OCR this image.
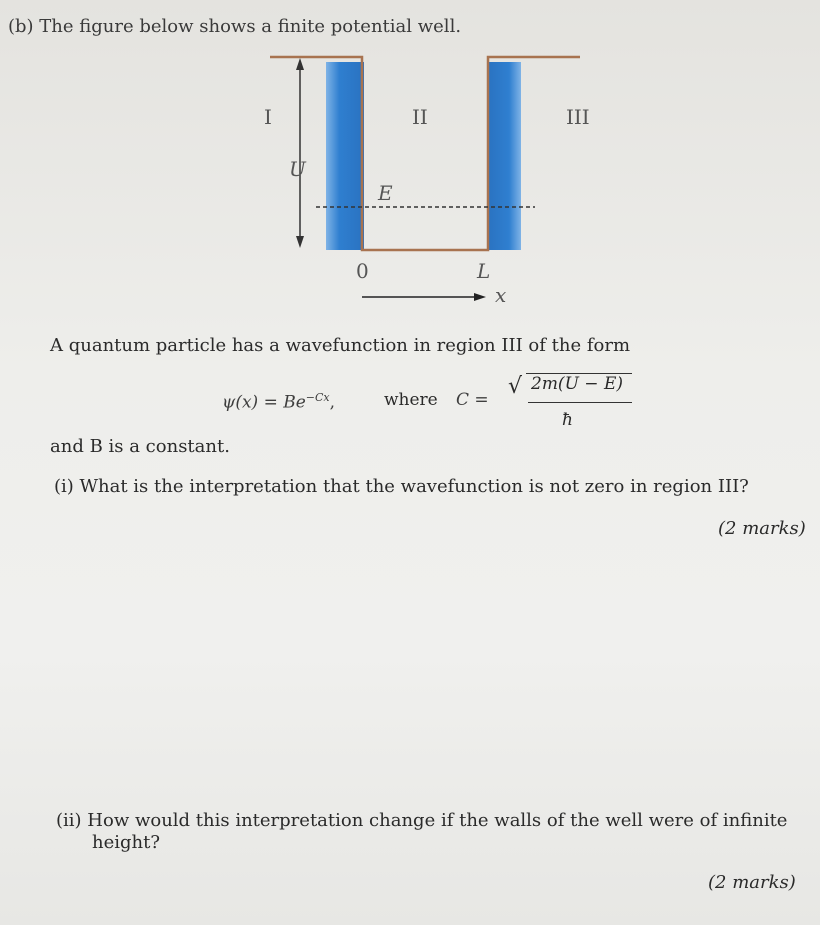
(b) The figure below shows a finite potential well.
I	II	III
U
E
0	L
x
A quantum particle has a wavefunction in region III of the form
$\psi(x) = Be^{-Cx}$,	where C =
√ 2m(U − E)
ħ
and B is a constant.
(i) What is the interpretation that the wavefunction is not zero in region III?
(2 marks)
(ii) How would this interpretation change if the walls of the well were of infinite
height?
(2 marks)
